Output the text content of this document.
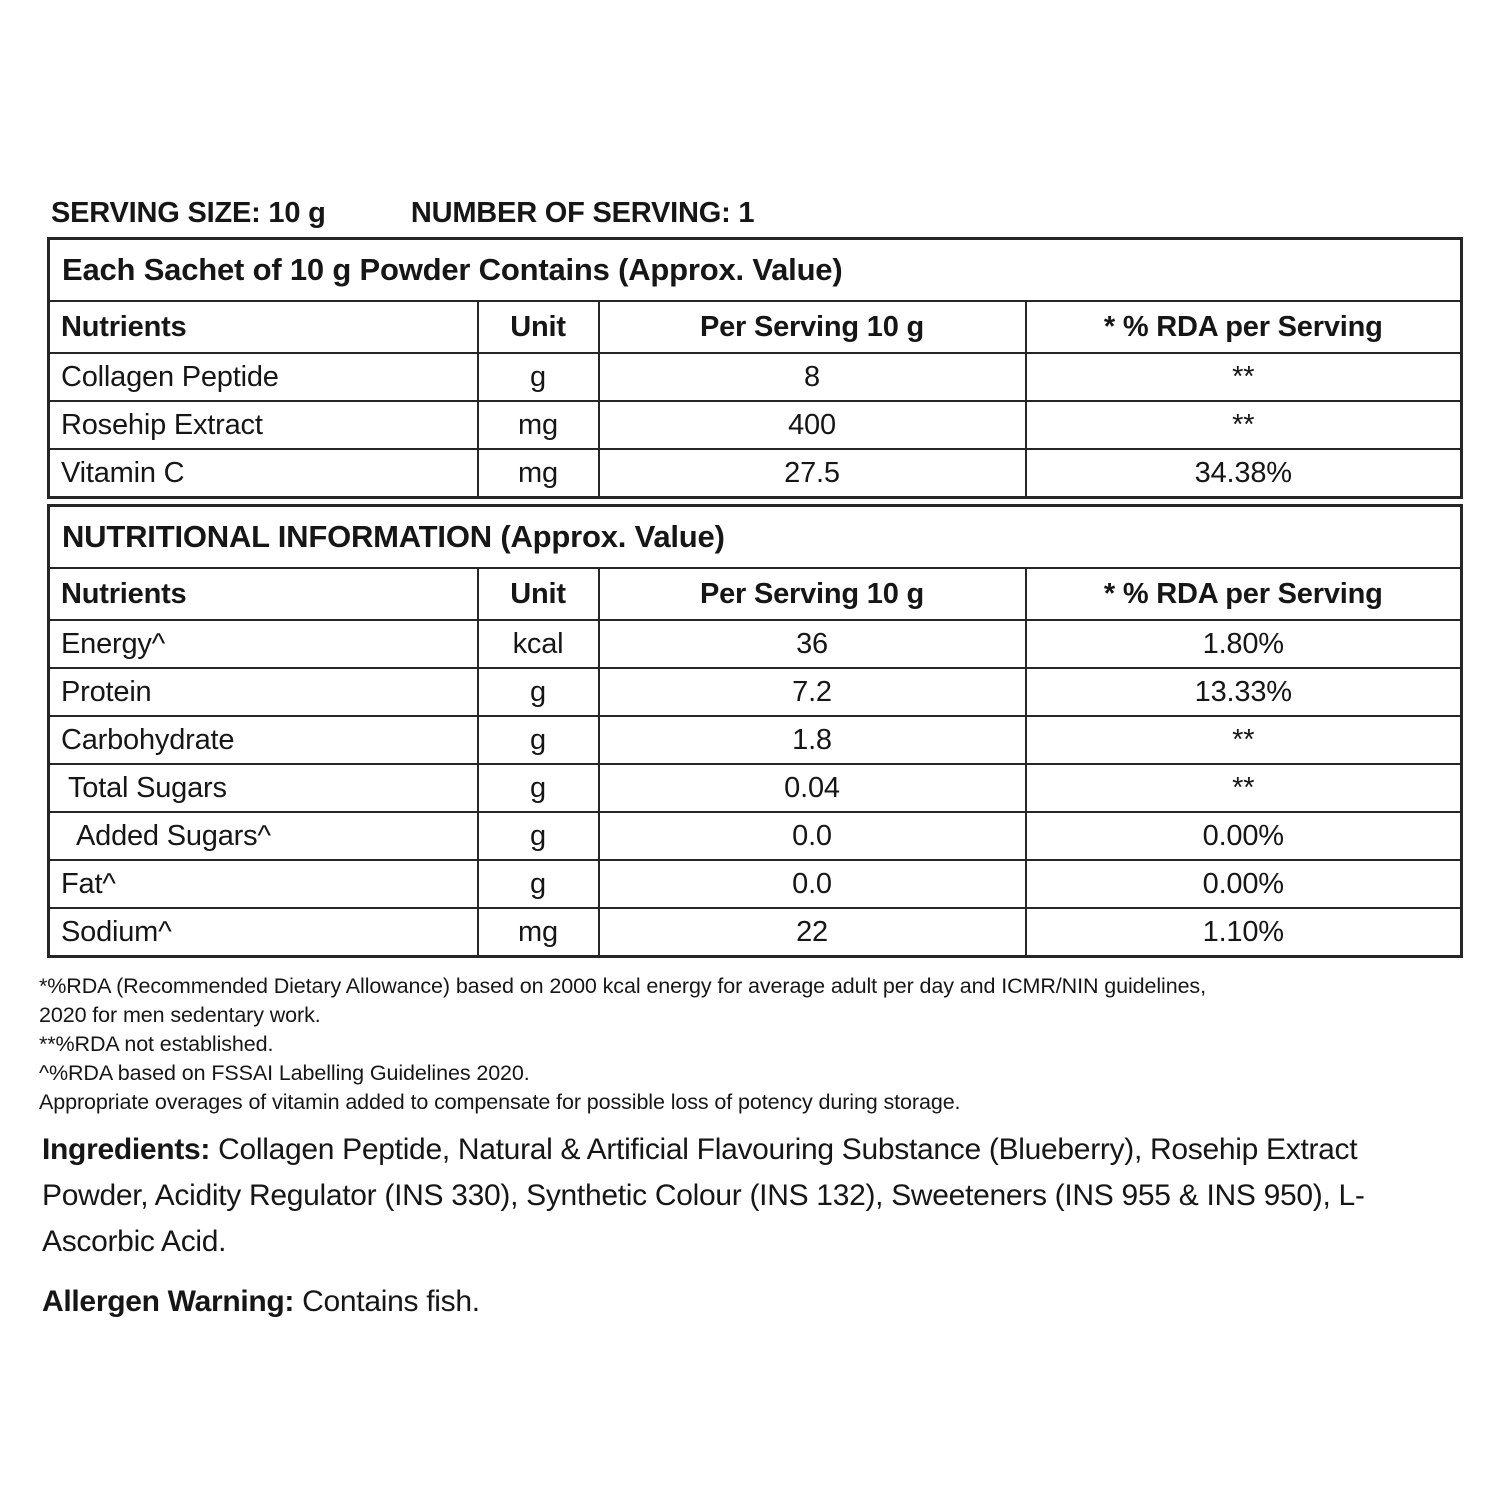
SERVING SIZE: 10 g	NUMBER OF SERVING: 1
Each Sachet of 10 g Powder Contains (Approx. Value)			
Nutrients	Unit	Per Serving 10 g	* % RDA per Serving
Collagen Peptide	g	8	**
Rosehip Extract	mg	400	**
Vitamin C	mg	27.5	34.38%
NUTRITIONAL INFORMATION (Approx. Value)			
Nutrients	Unit	Per Serving 10 g	* % RDA per Serving
Energy^	kcal	36	1.80%
Protein	g	7.2	13.33%
Carbohydrate	g	1.8	**
Total Sugars	g	0.04	**
Added Sugars^	g	0.0	0.00%
Fat^	g	0.0	0.00%
Sodium^	mg	22	1.10%
*%RDA (Recommended Dietary Allowance) based on 2000 kcal energy for average adult per day and ICMR/NIN guidelines,
2020 for men sedentary work.
**%RDA not established.
^%RDA based on FSSAI Labelling Guidelines 2020.
Appropriate overages of vitamin added to compensate for possible loss of potency during storage.
Ingredients: Collagen Peptide, Natural & Artificial Flavouring Substance (Blueberry), Rosehip Extract Powder, Acidity Regulator (INS 330), Synthetic Colour (INS 132), Sweeteners (INS 955 & INS 950), L-Ascorbic Acid.
Allergen Warning: Contains fish.
